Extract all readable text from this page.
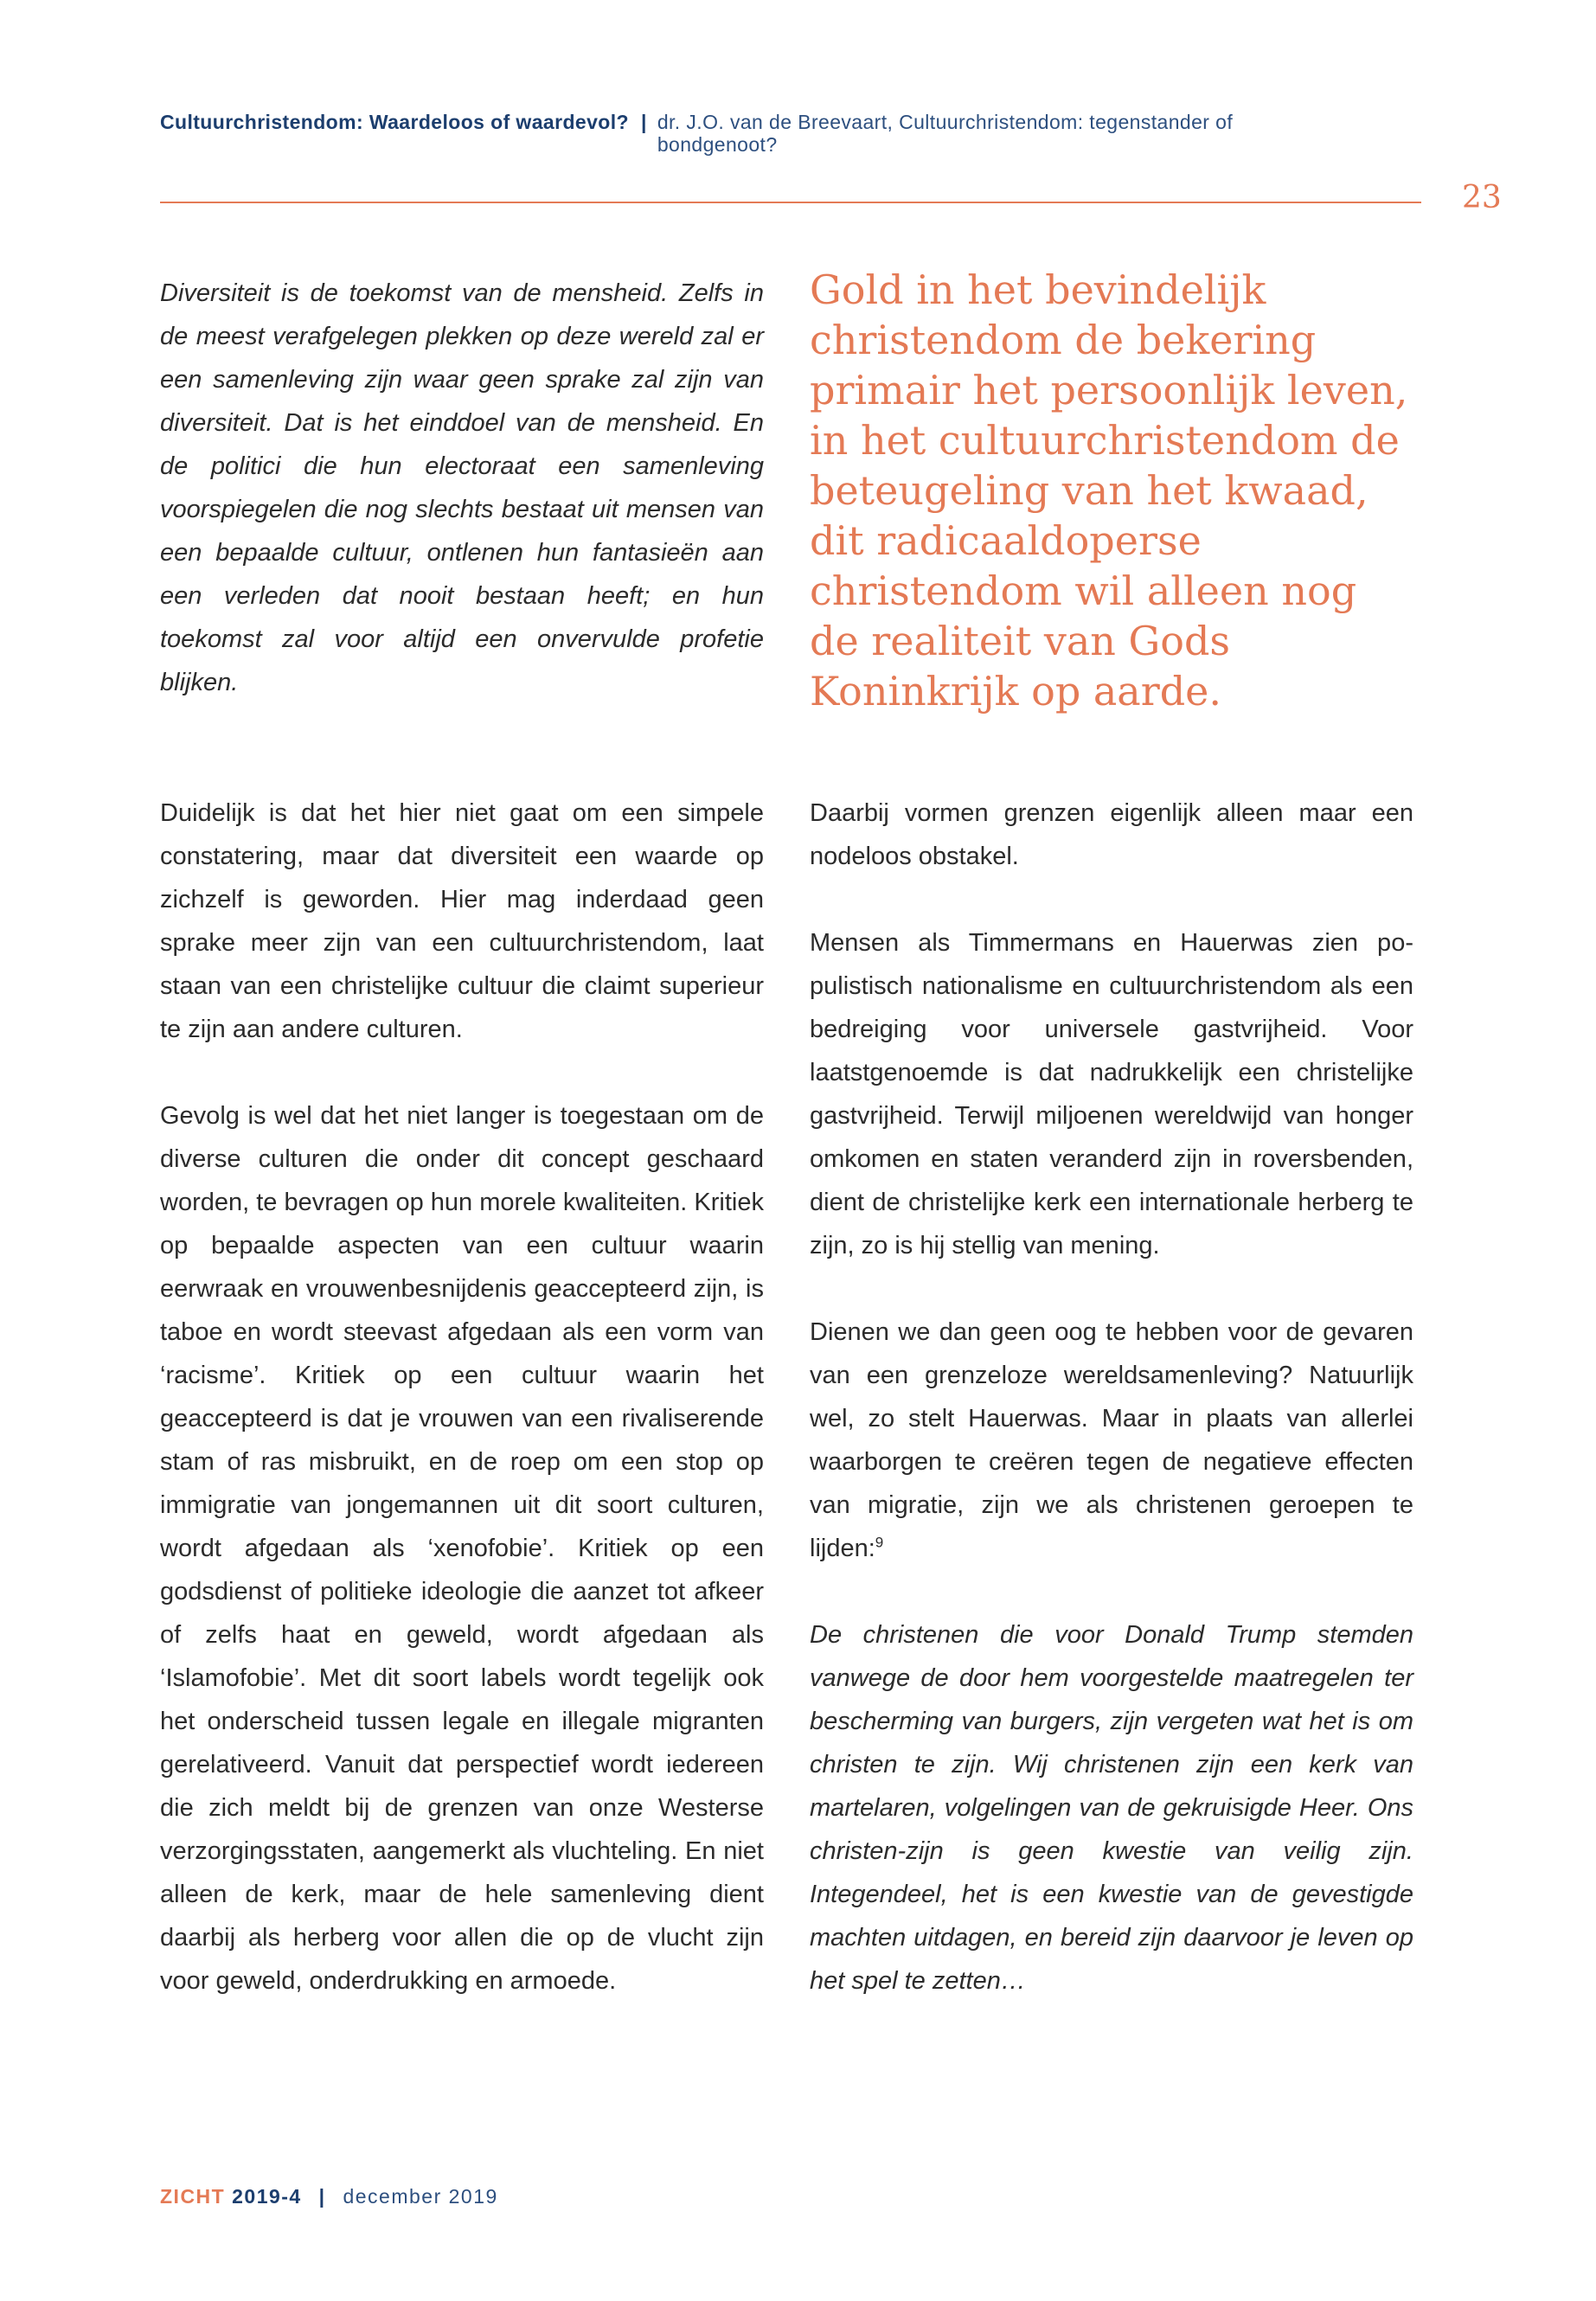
Cultuurchristendom: Waardeloos of waardevol? | dr. J.O. van de Breevaart, Cultuurchristendom: tegenstander of bondgenoot?
23

Diversiteit is de toekomst van de mensheid. Zelfs in de meest verafgelegen plekken op deze wereld zal er een samenleving zijn waar geen sprake zal zijn van diversiteit. Dat is het einddoel van de mensheid. En de politici die hun electoraat een samenleving voorspiegelen die nog slechts bestaat uit mensen van een bepaalde cultuur, ontlenen hun fantasieën aan een verleden dat nooit bestaan heeft; en hun toekomst zal voor altijd een onvervulde profetie blijken.

Gold in het bevindelijk christendom de bekering primair het persoonlijk leven, in het cultuurchristendom de beteugeling van het kwaad, dit radicaaldoperse christendom wil alleen nog de realiteit van Gods Koninkrijk op aarde.

Duidelijk is dat het hier niet gaat om een simpele constatering, maar dat diversiteit een waarde op zichzelf is geworden. Hier mag inderdaad geen sprake meer zijn van een cultuurchristendom, laat staan van een christelijke cultuur die claimt superieur te zijn aan andere culturen.

Gevolg is wel dat het niet langer is toegestaan om de diverse culturen die onder dit concept geschaard worden, te bevragen op hun morele kwaliteiten. Kritiek op bepaalde aspecten van een cultuur waarin eerwraak en vrouwenbesnijdenis geaccepteerd zijn, is taboe en wordt steevast afgedaan als een vorm van ‘racisme’. Kritiek op een cultuur waarin het geaccepteerd is dat je vrouwen van een rivaliserende stam of ras misbruikt, en de roep om een stop op immigratie van jongemannen uit dit soort culturen, wordt afgedaan als ‘xenofobie’. Kritiek op een godsdienst of politieke ideologie die aanzet tot afkeer of zelfs haat en geweld, wordt afgedaan als ‘Islamofobie’. Met dit soort labels wordt tegelijk ook het onderscheid tussen legale en illegale migranten gerelativeerd. Vanuit dat perspectief wordt iedereen die zich meldt bij de grenzen van onze Westerse verzorgingsstaten, aangemerkt als vluchteling. En niet alleen de kerk, maar de hele samenleving dient daarbij als herberg voor allen die op de vlucht zijn voor geweld, onderdrukking en armoede.

Daarbij vormen grenzen eigenlijk alleen maar een nodeloos obstakel.

Mensen als Timmermans en Hauerwas zien populistisch nationalisme en cultuurchristendom als een bedreiging voor universele gastvrijheid. Voor laatstgenoemde is dat nadrukkelijk een christelijke gastvrijheid. Terwijl miljoenen wereldwijd van honger omkomen en staten veranderd zijn in roversbenden, dient de christelijke kerk een internationale herberg te zijn, zo is hij stellig van mening.

Dienen we dan geen oog te hebben voor de gevaren van een grenzeloze wereldsamenleving? Natuurlijk wel, zo stelt Hauerwas. Maar in plaats van allerlei waarborgen te creëren tegen de negatieve effecten van migratie, zijn we als christenen geroepen te lijden:$^9$

De christenen die voor Donald Trump stemden vanwege de door hem voorgestelde maatregelen ter bescherming van burgers, zijn vergeten wat het is om christen te zijn. Wij christenen zijn een kerk van martelaren, volgelingen van de gekruisigde Heer. Ons christen-zijn is geen kwestie van veilig zijn. Integendeel, het is een kwestie van de gevestigde machten uitdagen, en bereid zijn daarvoor je leven op het spel te zetten…

ZICHT 2019-4 | december 2019
